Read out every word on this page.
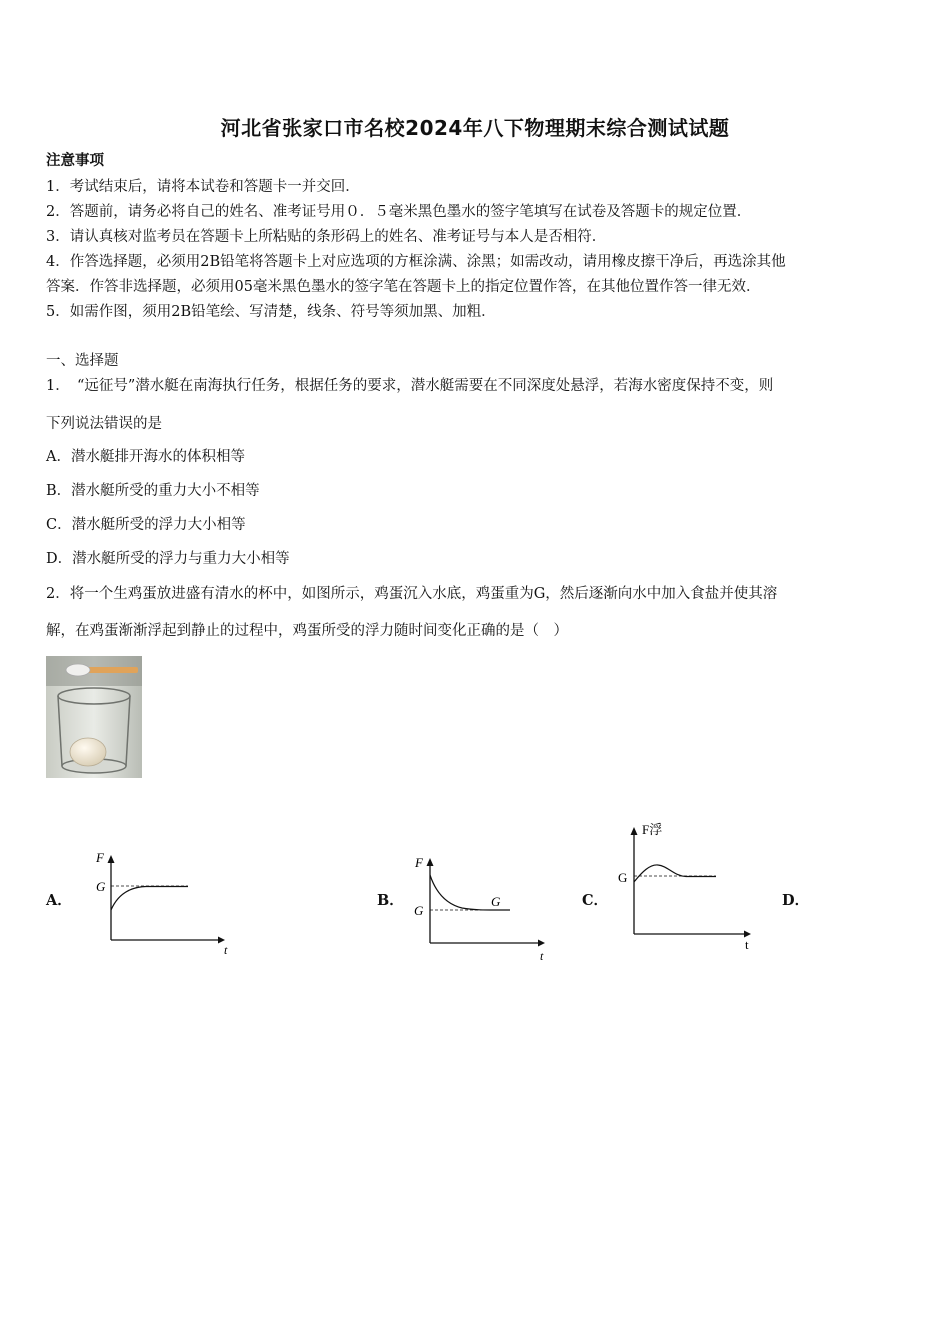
河北省张家口市名校2024年八下物理期末综合测试试题
注意事项
1．考试结束后，请将本试卷和答题卡一并交回．
2．答题前，请务必将自己的姓名、准考证号用０．５毫米黑色墨水的签字笔填写在试卷及答题卡的规定位置．
3．请认真核对监考员在答题卡上所粘贴的条形码上的姓名、准考证号与本人是否相符．
4．作答选择题，必须用2B铅笔将答题卡上对应选项的方框涂满、涂黑；如需改动，请用橡皮擦干净后，再选涂其他
答案．作答非选择题，必须用05毫米黑色墨水的签字笔在答题卡上的指定位置作答，在其他位置作答一律无效．
5．如需作图，须用2B铅笔绘、写清楚，线条、符号等须加黑、加粗．
一、选择题
1．　“远征号”潜水艇在南海执行任务，根据任务的要求，潜水艇需要在不同深度处悬浮，若海水密度保持不变，则
下列说法错误的是
A．潜水艇排开海水的体积相等
B．潜水艇所受的重力大小不相等
C．潜水艇所受的浮力大小相等
D．潜水艇所受的浮力与重力大小相等
2．将一个生鸡蛋放进盛有清水的杯中，如图所示，鸡蛋沉入水底，鸡蛋重为G，然后逐渐向水中加入食盐并使其溶
解，在鸡蛋渐渐浮起到静止的过程中，鸡蛋所受的浮力随时间变化正确的是（　）
A．	B．	C．	D．
F
G
t
F
G
G
t
F浮
G
t
